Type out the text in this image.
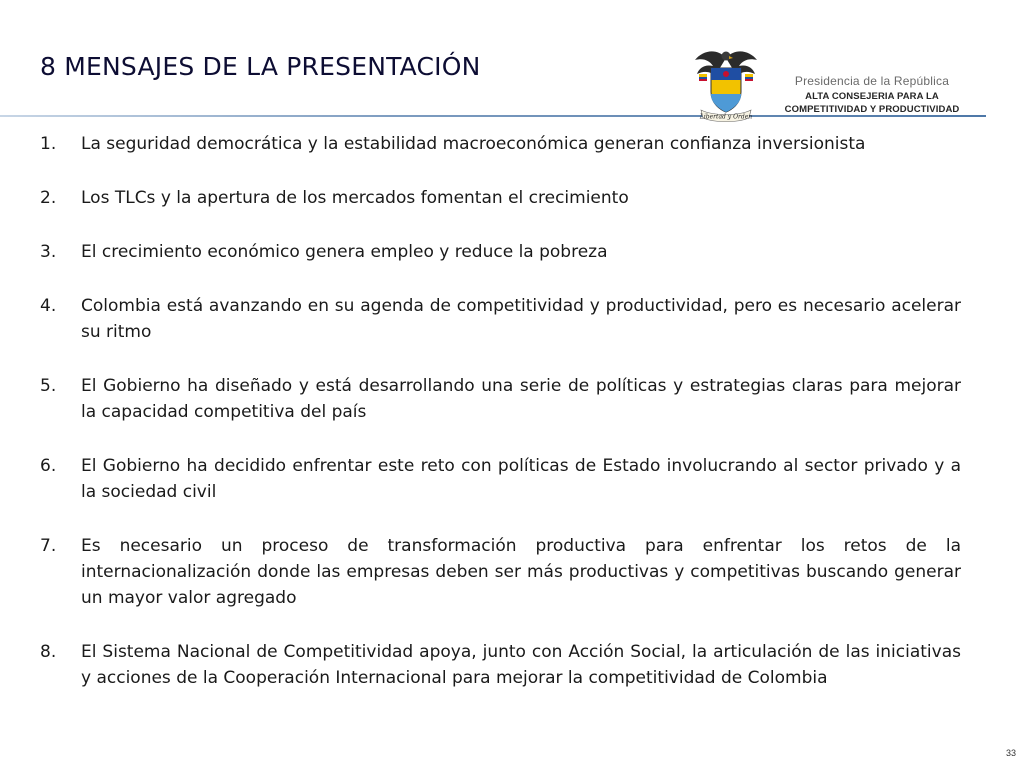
8 MENSAJES DE LA PRESENTACIÓN
Libertad y Orden
Presidencia de la República
ALTA CONSEJERIA PARA LA
COMPETITIVIDAD Y PRODUCTIVIDAD
1.	La seguridad democrática y la estabilidad macroeconómica generan confianza inversionista
2.	Los TLCs y la apertura de los mercados fomentan el crecimiento
3.	El crecimiento económico genera empleo y reduce la pobreza
4.	Colombia está avanzando en su agenda de competitividad y productividad, pero es necesario acelerar su ritmo
5.	El Gobierno ha diseñado y está desarrollando una serie de políticas y estrategias claras para mejorar la capacidad competitiva del país
6.	El Gobierno ha decidido enfrentar este reto con políticas de Estado involucrando al sector privado y a la sociedad civil
7.	Es necesario un proceso de transformación productiva para enfrentar los retos de la internacionalización donde las empresas deben ser más productivas y competitivas buscando generar un mayor valor agregado
8.	El Sistema Nacional de Competitividad apoya, junto con Acción Social, la articulación de las iniciativas y acciones de la Cooperación Internacional para mejorar la competitividad de Colombia
33
